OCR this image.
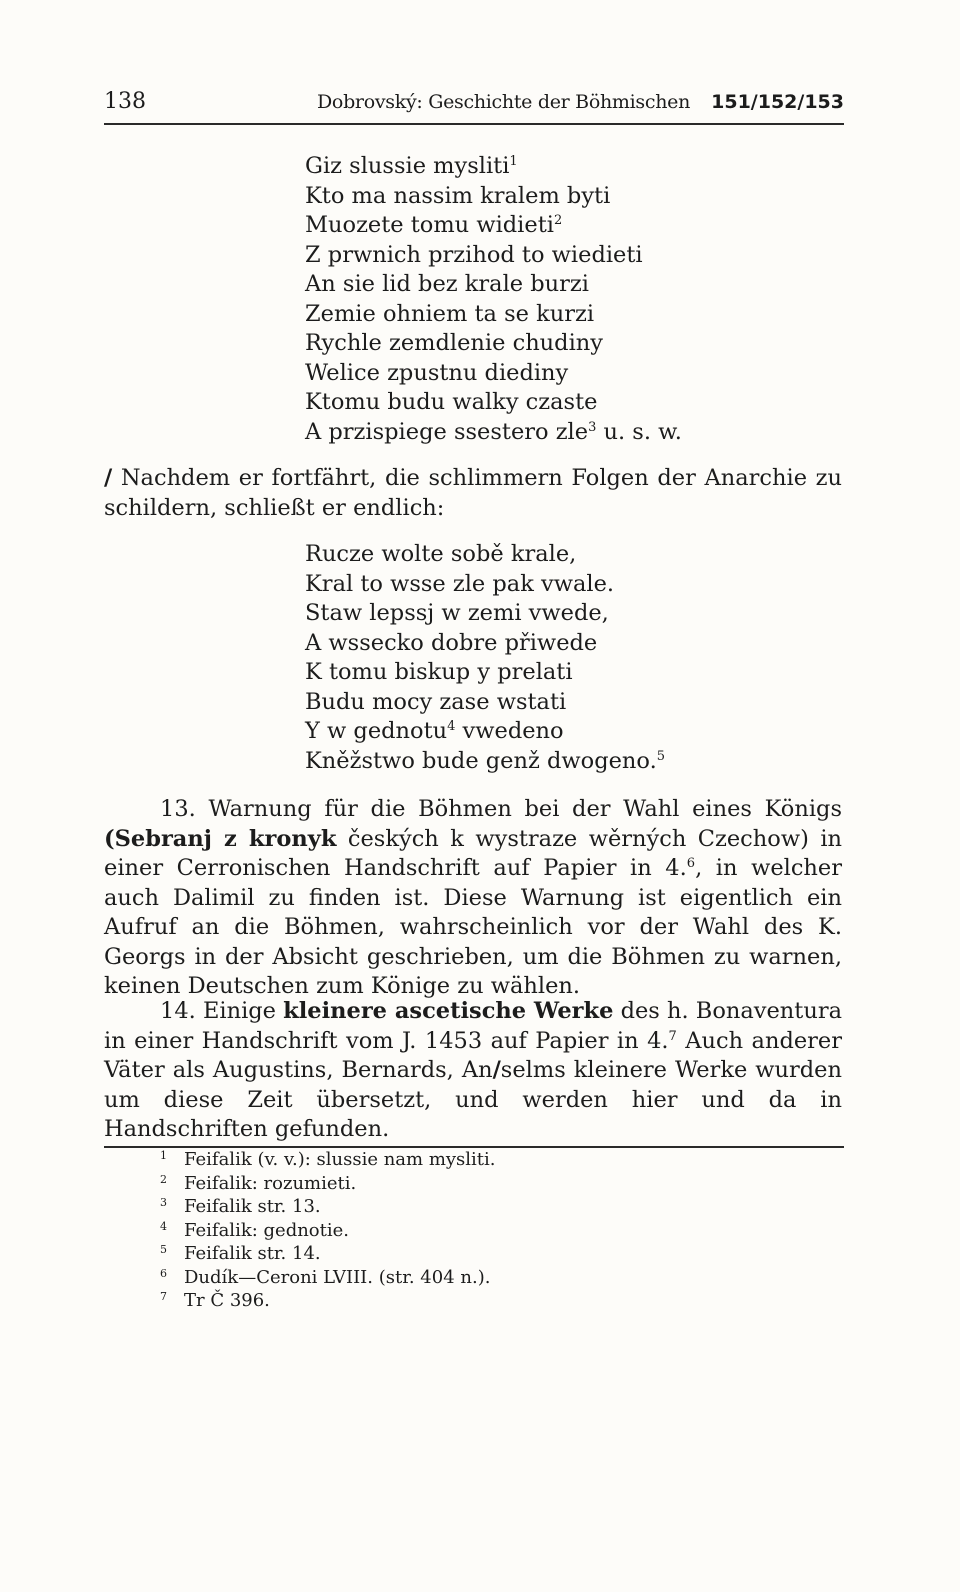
138	Dobrovský: Geschichte der Böhmischen 151/152/153
Giz slussie mysliti$^1$
Kto ma nassim kralem byti
Muozete tomu widieti$^2$
Z prwnich przihod to wiedieti
An sie lid bez krale burzi
Zemie ohniem ta se kurzi
Rychle zemdlenie chudiny
Welice zpustnu diediny
Ktomu budu walky czaste
A przispiege ssestero zle$^3$ u. s. w.
/ Nachdem er fortfährt, die schlimmern Folgen der Anarchie zu schildern, schließt er endlich:
Rucze wolte sobě krale,
Kral to wsse zle pak vwale.
Staw lepssj w zemi vwede,
A wssecko dobre přiwede
K tomu biskup y prelati
Budu mocy zase wstati
Y w gednotu$^4$ vwedeno
Kněžstwo bude genž dwogeno.$^5$
13. Warnung für die Böhmen bei der Wahl eines Königs (Sebranj z kronyk českých k wystraze wěrných Czechow) in einer Cerronischen Handschrift auf Papier in 4.$^6$, in welcher auch Dalimil zu finden ist. Diese Warnung ist eigentlich ein Aufruf an die Böhmen, wahrscheinlich vor der Wahl des K. Georgs in der Absicht geschrieben, um die Böhmen zu warnen, keinen Deutschen zum Könige zu wählen.
14. Einige kleinere ascetische Werke des h. Bonaventura in einer Handschrift vom J. 1453 auf Papier in 4.$^7$ Auch anderer Väter als Augustins, Bernards, An/selms kleinere Werke wurden um diese Zeit übersetzt, und werden hier und da in Handschriften gefunden.
1 Feifalik (v. v.): slussie nam mysliti.
2 Feifalik: rozumieti.
3 Feifalik str. 13.
4 Feifalik: gednotie.
5 Feifalik str. 14.
6 Dudík—Ceroni LVIII. (str. 404 n.).
7 Tr Č 396.
